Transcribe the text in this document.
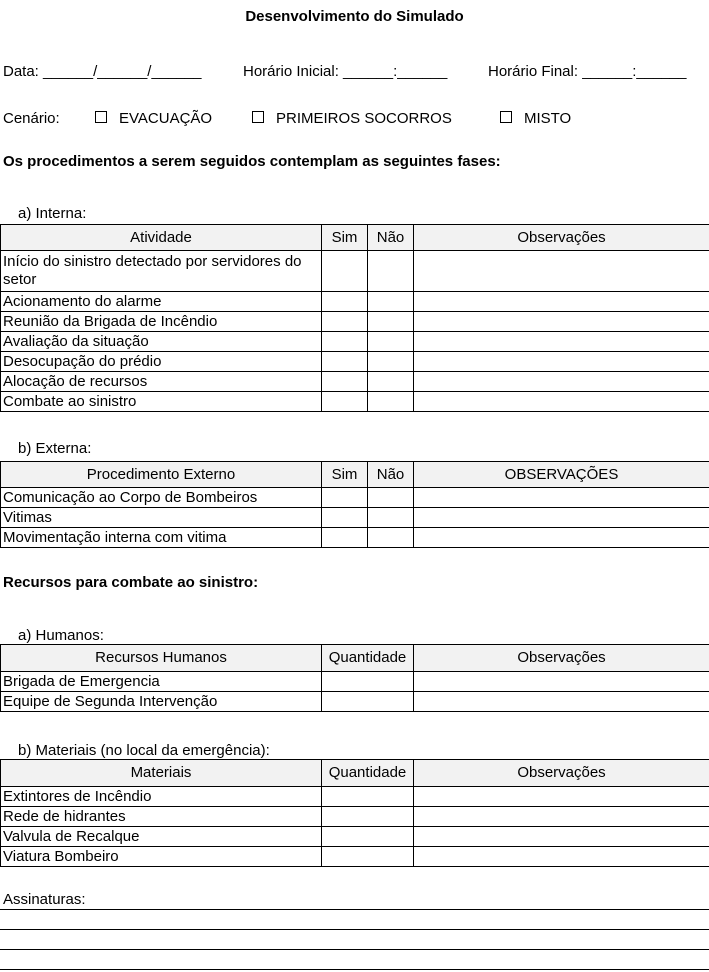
Desenvolvimento do Simulado
Data: ______/______/______	Horário Inicial: ______:______	Horário Final: ______:______
Cenário:	EVACUAÇÃO	PRIMEIROS SOCORROS	MISTO
Os procedimentos a serem seguidos contemplam as seguintes fases:
a) Interna:
Atividade	Sim	Não	Observações
Início do sinistro detectado por servidores do setor			
Acionamento do alarme			
Reunião da Brigada de Incêndio			
Avaliação da situação			
Desocupação do prédio			
Alocação de recursos			
Combate ao sinistro			
b) Externa:
Procedimento Externo	Sim	Não	OBSERVAÇÕES
Comunicação ao Corpo de Bombeiros			
Vitimas			
Movimentação interna com vitima			
Recursos para combate ao sinistro:
a) Humanos:
Recursos Humanos	Quantidade	Observações
Brigada de Emergencia		
Equipe de Segunda Intervenção		
b) Materiais (no local da emergência):
Materiais	Quantidade	Observações
Extintores de Incêndio		
Rede de hidrantes		
Valvula de Recalque		
Viatura Bombeiro		
Assinaturas:
